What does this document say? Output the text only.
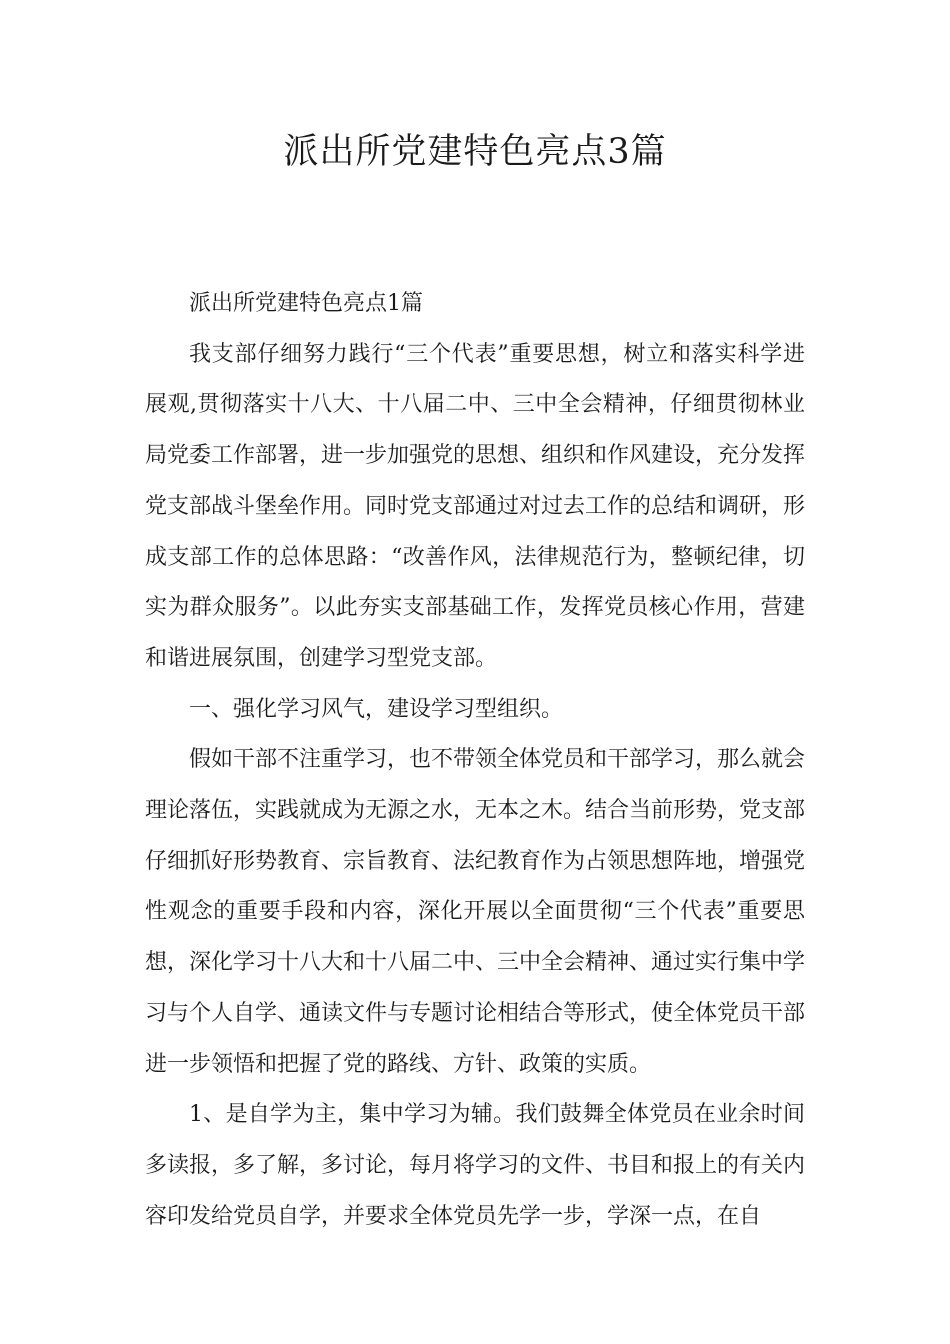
派出所党建特色亮点3篇

派出所党建特色亮点1篇

我支部仔细努力践行“三个代表”重要思想，树立和落实科学进展观,贯彻落实十八大、十八届二中、三中全会精神，仔细贯彻林业局党委工作部署，进一步加强党的思想、组织和作风建设，充分发挥党支部战斗堡垒作用。同时党支部通过对过去工作的总结和调研，形成支部工作的总体思路：“改善作风，法律规范行为，整顿纪律，切实为群众服务”。以此夯实支部基础工作，发挥党员核心作用，营建和谐进展氛围，创建学习型党支部。

一、强化学习风气，建设学习型组织。

假如干部不注重学习，也不带领全体党员和干部学习，那么就会理论落伍，实践就成为无源之水，无本之木。结合当前形势，党支部仔细抓好形势教育、宗旨教育、法纪教育作为占领思想阵地，增强党性观念的重要手段和内容，深化开展以全面贯彻“三个代表”重要思想，深化学习十八大和十八届二中、三中全会精神、通过实行集中学习与个人自学、通读文件与专题讨论相结合等形式，使全体党员干部进一步领悟和把握了党的路线、方针、政策的实质。

1、是自学为主，集中学习为辅。我们鼓舞全体党员在业余时间多读报，多了解，多讨论，每月将学习的文件、书目和报上的有关内容印发给党员自学，并要求全体党员先学一步，学深一点，在自
